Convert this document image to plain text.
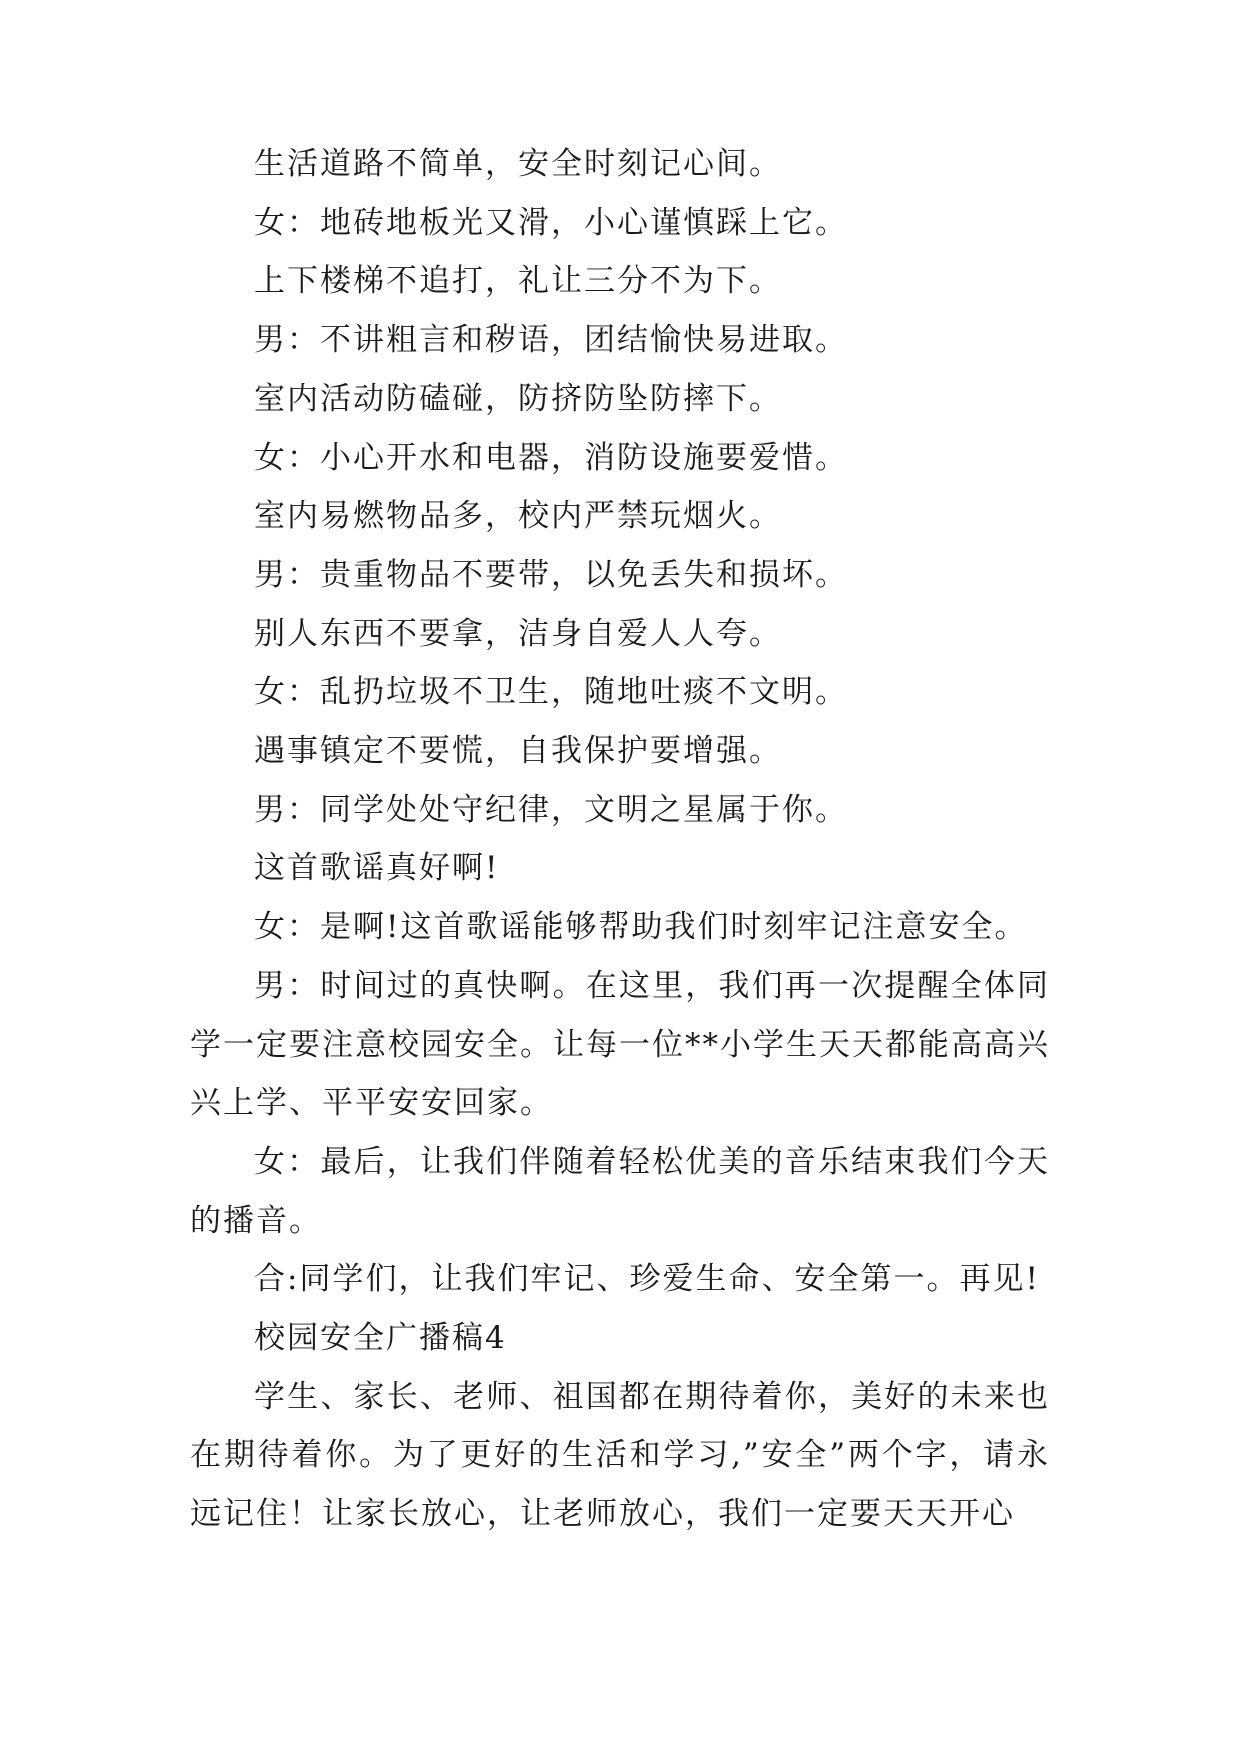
生活道路不简单，安全时刻记心间。

女：地砖地板光又滑，小心谨慎踩上它。

上下楼梯不追打，礼让三分不为下。

男：不讲粗言和秽语，团结愉快易进取。

室内活动防磕碰，防挤防坠防摔下。

女：小心开水和电器，消防设施要爱惜。

室内易燃物品多，校内严禁玩烟火。

男：贵重物品不要带，以免丢失和损坏。

别人东西不要拿，洁身自爱人人夸。

女：乱扔垃圾不卫生，随地吐痰不文明。

遇事镇定不要慌，自我保护要增强。

男：同学处处守纪律，文明之星属于你。

这首歌谣真好啊!

女：是啊!这首歌谣能够帮助我们时刻牢记注意安全。

男：时间过的真快啊。在这里，我们再一次提醒全体同学一定要注意校园安全。让每一位**小学生天天都能高高兴兴上学、平平安安回家。

女：最后，让我们伴随着轻松优美的音乐结束我们今天的播音。

合:同学们，让我们牢记、珍爱生命、安全第一。再见!

校园安全广播稿4

学生、家长、老师、祖国都在期待着你，美好的未来也在期待着你。为了更好的生活和学习,”安全”两个字，请永远记住！让家长放心，让老师放心，我们一定要天天开心
